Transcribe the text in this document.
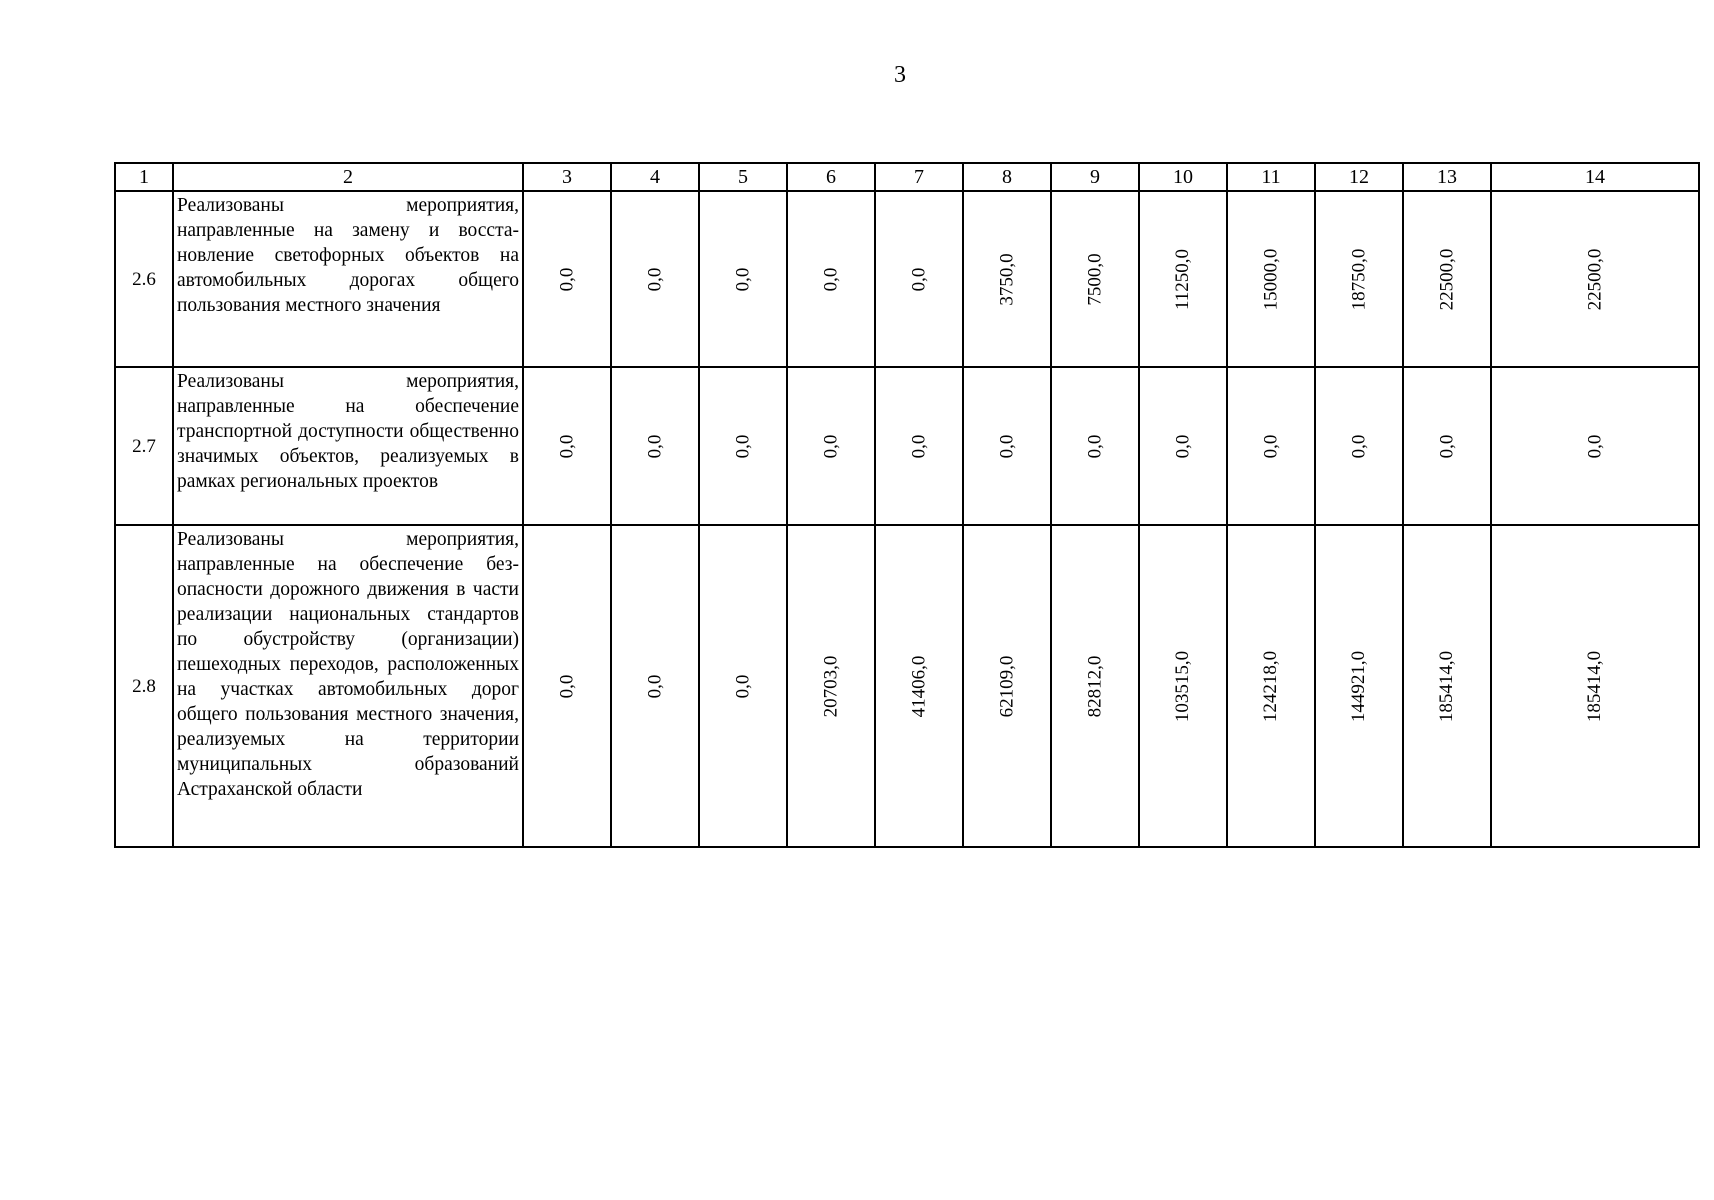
3
1	2	3	4	5	6	7	8	9	10	11	12	13	14
2.6	Реализованы мероприятия, направленные на замену и восстановление светофорных объектов на автомобильных дорогах общего пользования местного значения	0,0	0,0	0,0	0,0	0,0	3750,0	7500,0	11250,0	15000,0	18750,0	22500,0	22500,0
2.7	Реализованы мероприятия, направленные на обеспечение транспортной доступности общественно значимых объектов, реализуемых в рамках региональных проектов	0,0	0,0	0,0	0,0	0,0	0,0	0,0	0,0	0,0	0,0	0,0	0,0
2.8	Реализованы мероприятия, направленные на обеспечение безопасности дорожного движения в части реализации национальных стандартов по обустройству (организации) пешеходных переходов, расположенных на участках автомобильных дорог общего пользования местного значения, реализуемых на территории муниципальных образований Астраханской области	0,0	0,0	0,0	20703,0	41406,0	62109,0	82812,0	103515,0	124218,0	144921,0	185414,0	185414,0
